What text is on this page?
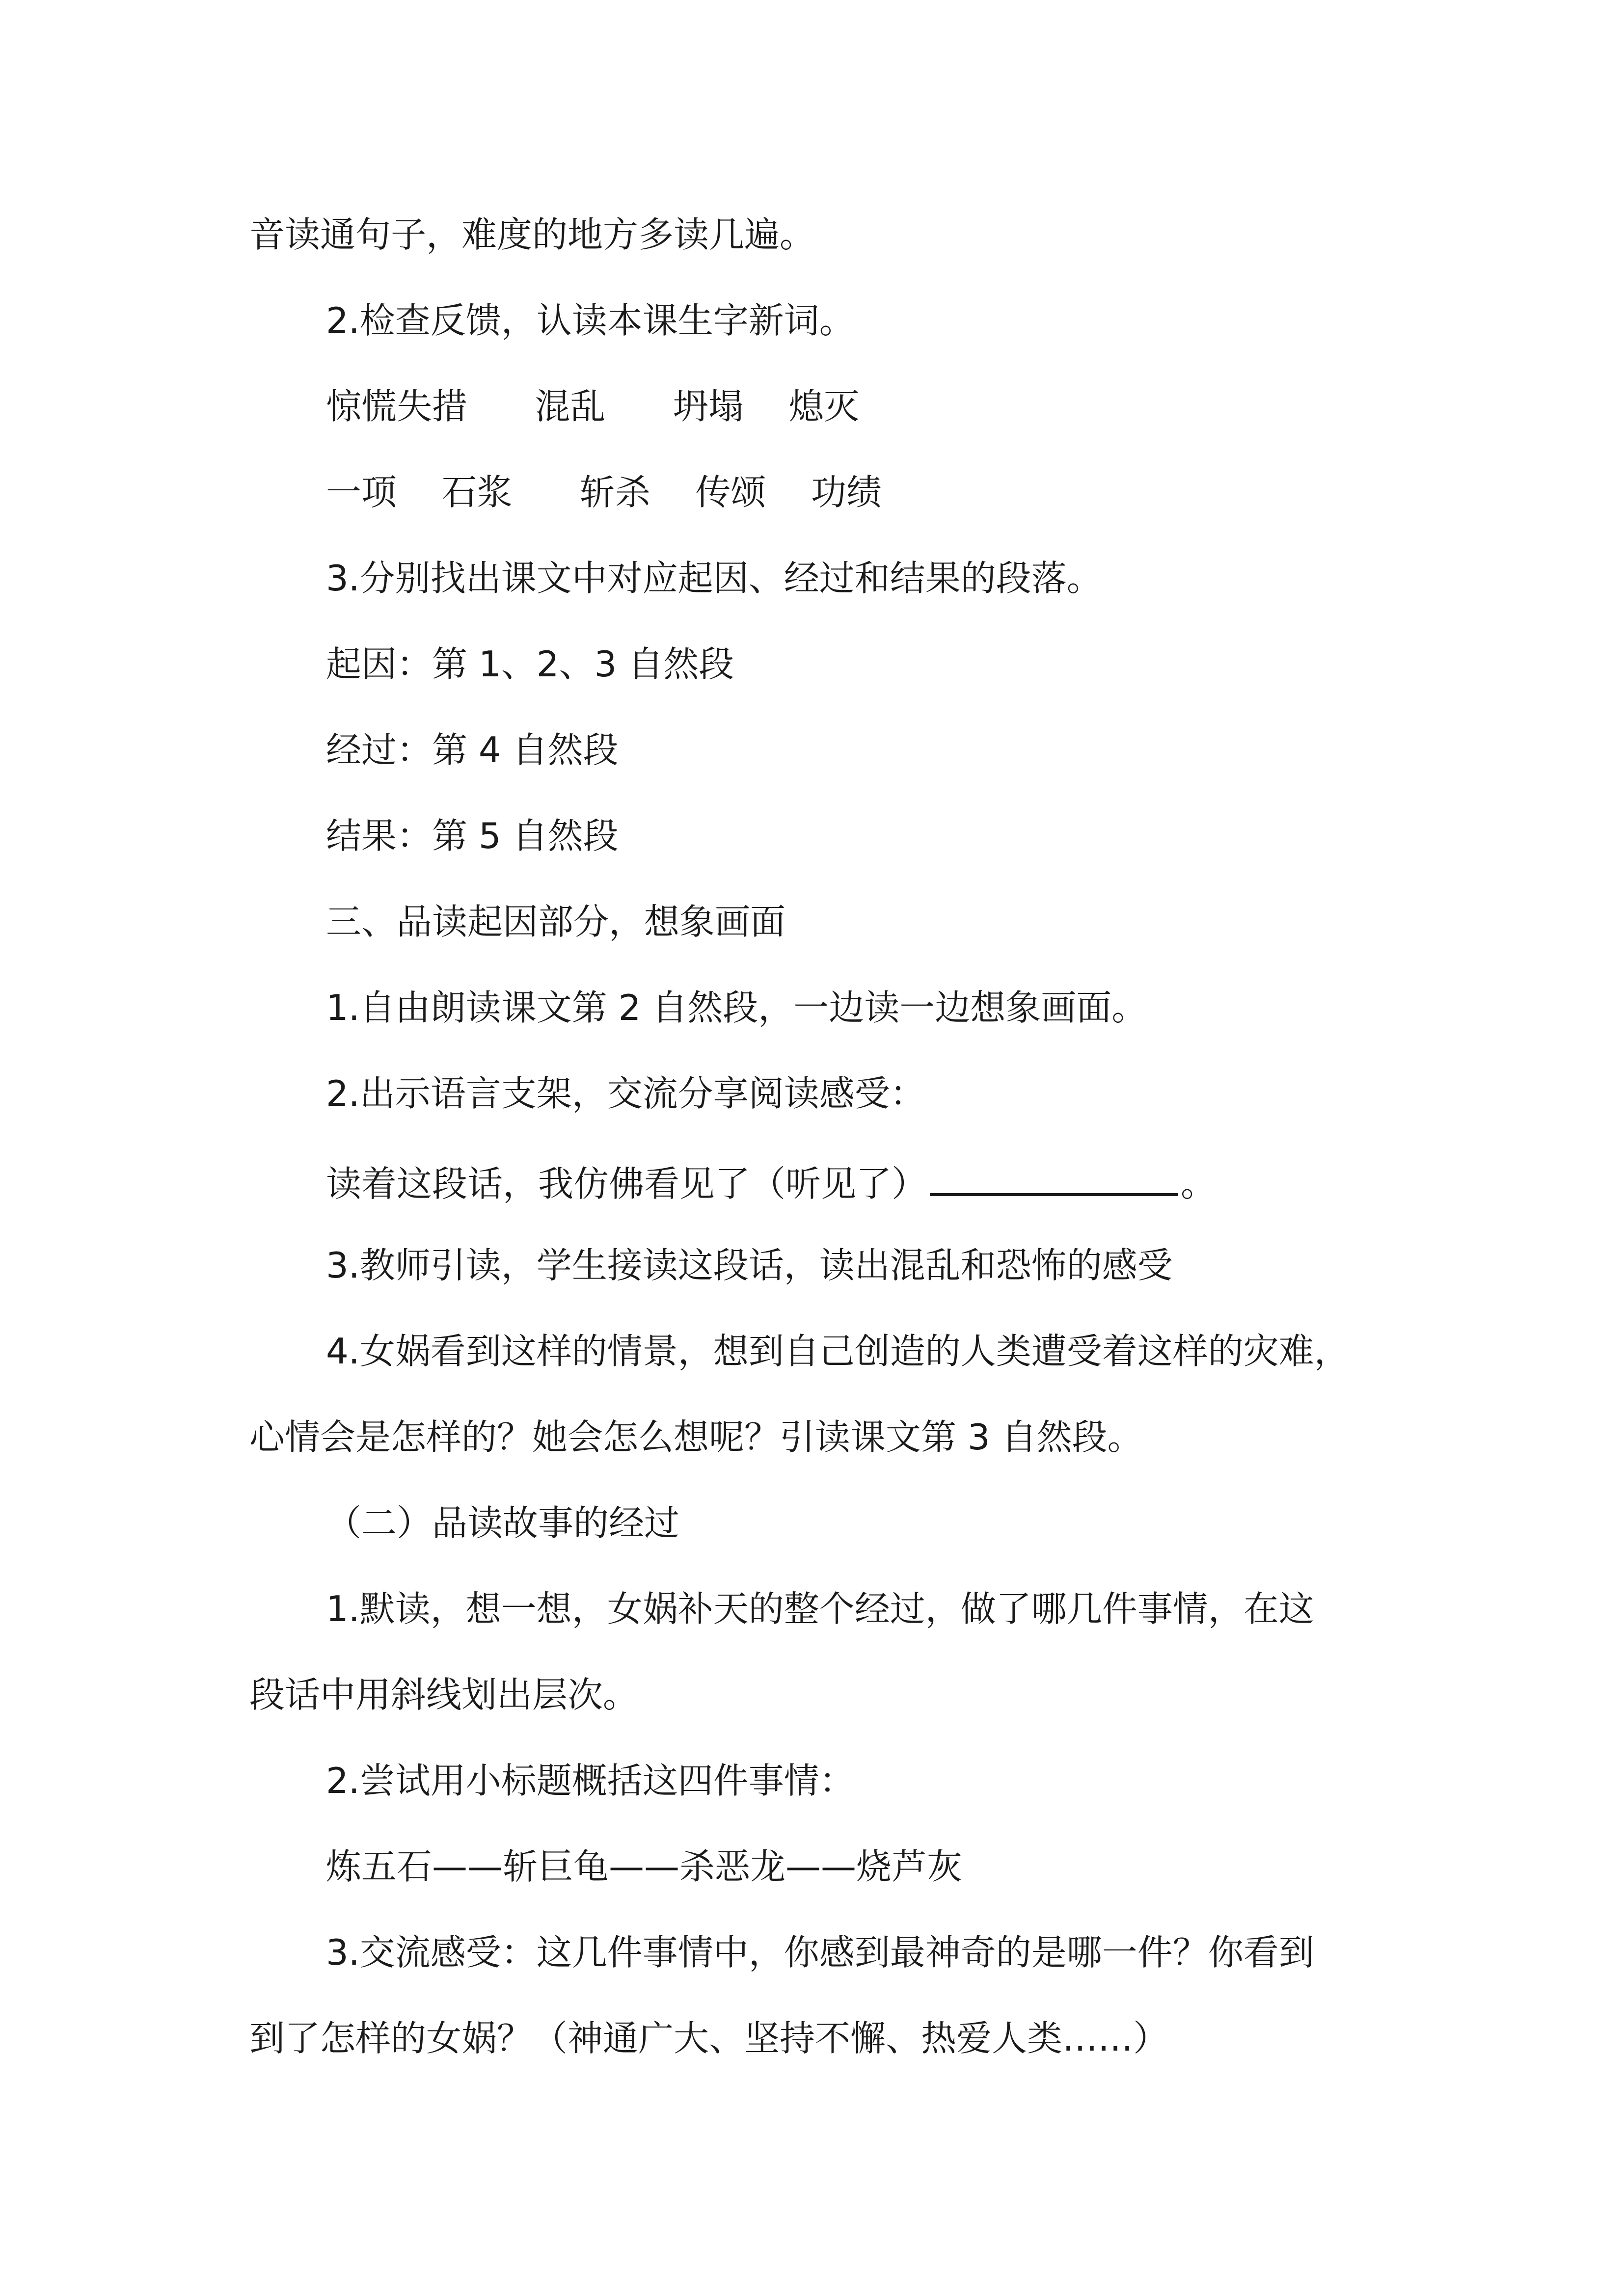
音读通句子，难度的地方多读几遍。

2.检查反馈，认读本课生字新词。

惊慌失措      混乱      坍塌    熄灭

一项    石浆      斩杀    传颂    功绩

3.分别找出课文中对应起因、经过和结果的段落。

起因：第 1、2、3 自然段

经过：第 4 自然段

结果：第 5 自然段

三、品读起因部分，想象画面

1.自由朗读课文第 2 自然段，一边读一边想象画面。

2.出示语言支架，交流分享阅读感受：

读着这段话，我仿佛看见了（听见了）	。

3.教师引读，学生接读这段话，读出混乱和恐怖的感受

4.女娲看到这样的情景，想到自己创造的人类遭受着这样的灾难，

心情会是怎样的？她会怎么想呢？引读课文第 3 自然段。

（二）品读故事的经过

1.默读，想一想，女娲补天的整个经过，做了哪几件事情，在这

段话中用斜线划出层次。

2.尝试用小标题概括这四件事情：

炼五石——斩巨龟——杀恶龙——烧芦灰

3.交流感受：这几件事情中，你感到最神奇的是哪一件？你看到

到了怎样的女娲？（神通广大、坚持不懈、热爱人类……）
